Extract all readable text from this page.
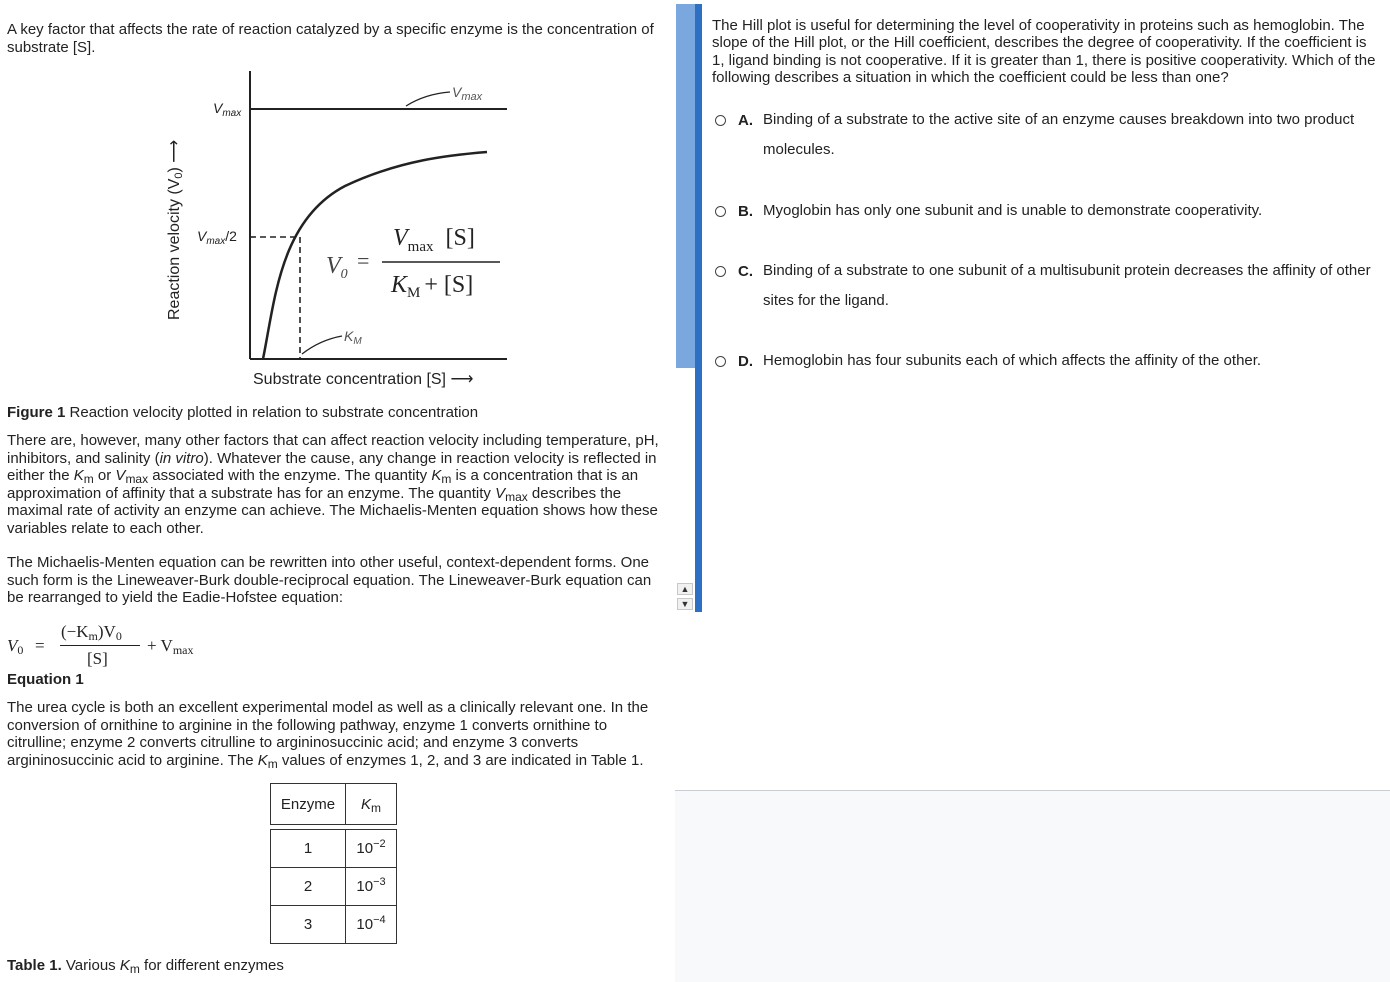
A key factor that affects the rate of reaction catalyzed by a specific enzyme is the concentration of substrate [S].

$V_{max}$
$V_{max}/2$
$V_{max}$
$K_M$
Reaction velocity (V0) ⟶
Substrate concentration [S] ⟶
$V_0$
=
$V_{max}$ [S]
$K_M + [S]$

Figure 1 Reaction velocity plotted in relation to substrate concentration

There are, however, many other factors that can affect reaction velocity including temperature, pH, inhibitors, and salinity (in vitro). Whatever the cause, any change in reaction velocity is reflected in either the $K_m$ or $V_{max}$ associated with the enzyme. The quantity $K_m$ is a concentration that is an approximation of affinity that a substrate has for an enzyme. The quantity $V_{max}$ describes the maximal rate of activity an enzyme can achieve. The Michaelis-Menten equation shows how these variables relate to each other.

The Michaelis-Menten equation can be rewritten into other useful, context-dependent forms. One such form is the Lineweaver-Burk double-reciprocal equation. The Lineweaver-Burk equation can be rearranged to yield the Eadie-Hofstee equation:

$V_0$ =
$(-K_m)V_0$
[S]
+ $V_{max}$

Equation 1

The urea cycle is both an excellent experimental model as well as a clinically relevant one. In the conversion of ornithine to arginine in the following pathway, enzyme 1 converts ornithine to citrulline; enzyme 2 converts citrulline to argininosuccinic acid; and enzyme 3 converts argininosuccinic acid to arginine. The $K_m$ values of enzymes 1, 2, and 3 are indicated in Table 1.

Enzyme	$K_m$

1	$10^{-2}$
2	$10^{-3}$
3	$10^{-4}$

Table 1. Various $K_m$ for different enzymes

▲
▼

The Hill plot is useful for determining the level of cooperativity in proteins such as hemoglobin. The slope of the Hill plot, or the Hill coefficient, describes the degree of cooperativity. If the coefficient is 1, ligand binding is not cooperative. If it is greater than 1, there is positive cooperativity. Which of the following describes a situation in which the coefficient could be less than one?

A. Binding of a substrate to the active site of an enzyme causes breakdown into two product molecules.
B. Myoglobin has only one subunit and is unable to demonstrate cooperativity.
C. Binding of a substrate to one subunit of a multisubunit protein decreases the affinity of other sites for the ligand.
D. Hemoglobin has four subunits each of which affects the affinity of the other.
